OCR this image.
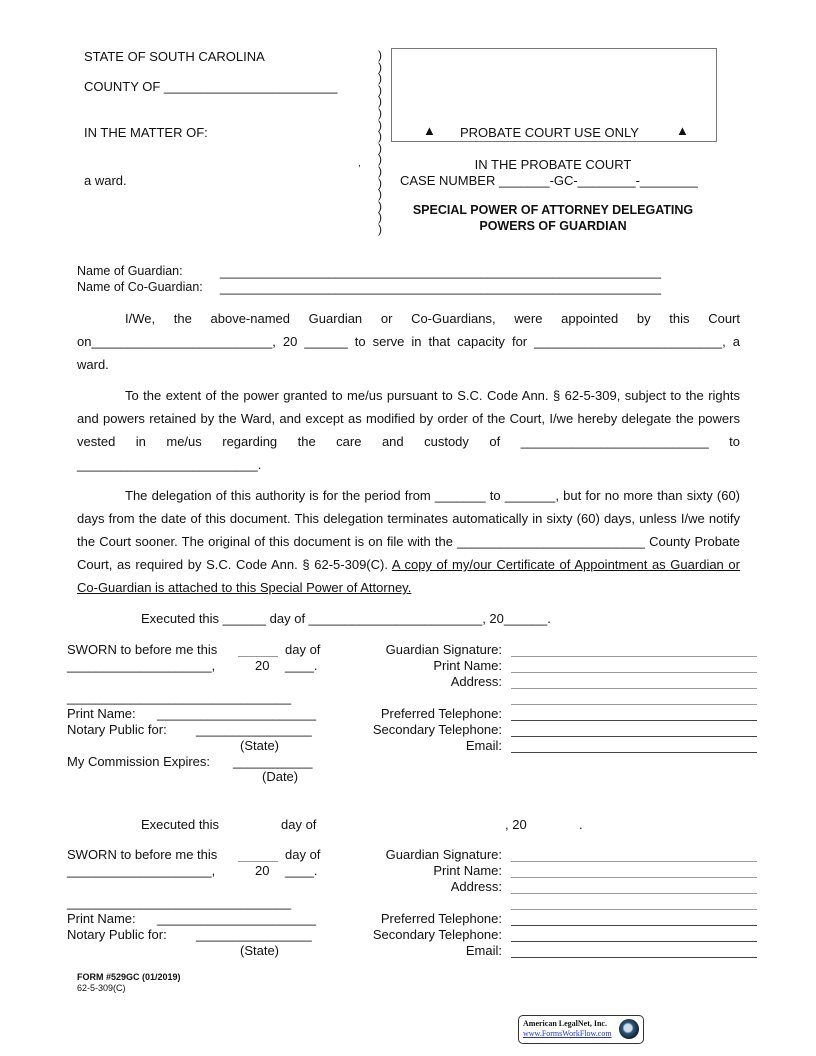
STATE OF SOUTH CAROLINA
COUNTY OF ________________________
IN THE MATTER OF:
,
a ward.
)
)
)
)
)
)
)
)
)
)
)
)
)
)
)
)
▲ PROBATE COURT USE ONLY	▲
IN THE PROBATE COURT
CASE NUMBER _______-GC-________-________
SPECIAL POWER OF ATTORNEY DELEGATING
POWERS OF GUARDIAN
Name of Guardian:	_____________________________________________________________
Name of Co-Guardian: _____________________________________________________________
I/We, the above-named Guardian or Co-Guardians, were appointed by this Court on_________________________, 20 ______ to serve in that capacity for __________________________, a ward.
To the extent of the power granted to me/us pursuant to S.C. Code Ann. § 62-5-309, subject to the rights and powers retained by the Ward, and except as modified by order of the Court, I/we hereby delegate the powers vested in me/us regarding the care and custody of __________________________ to _________________________.
The delegation of this authority is for the period from _______ to _______, but for no more than sixty (60) days from the date of this document. This delegation terminates automatically in sixty (60) days, unless I/we notify the Court sooner. The original of this document is on file with the __________________________ County Probate Court, as required by S.C. Code Ann. § 62-5-309(C). A copy of my/our Certificate of Appointment as Guardian or Co-Guardian is attached to this Special Power of Attorney.
Executed this ______ day of ________________________, 20______.
SWORN to before me this	day of
____________________,	20 ____.
_______________________________
Print Name: ______________________
Notary Public for: ________________
(State)
My Commission Expires: ___________
(Date)
Guardian Signature:
Print Name:
Address:
Preferred Telephone:
Secondary Telephone:
Email:
Executed this	day of	, 20	.
SWORN to before me this	day of
____________________,	20 ____.
_______________________________
Print Name: ______________________
Notary Public for: ________________
(State)
Guardian Signature:
Print Name:
Address:
Preferred Telephone:
Secondary Telephone:
Email:
FORM #529GC (01/2019)
62-5-309(C)
American LegalNet, Inc.
www.FormsWorkFlow.com
